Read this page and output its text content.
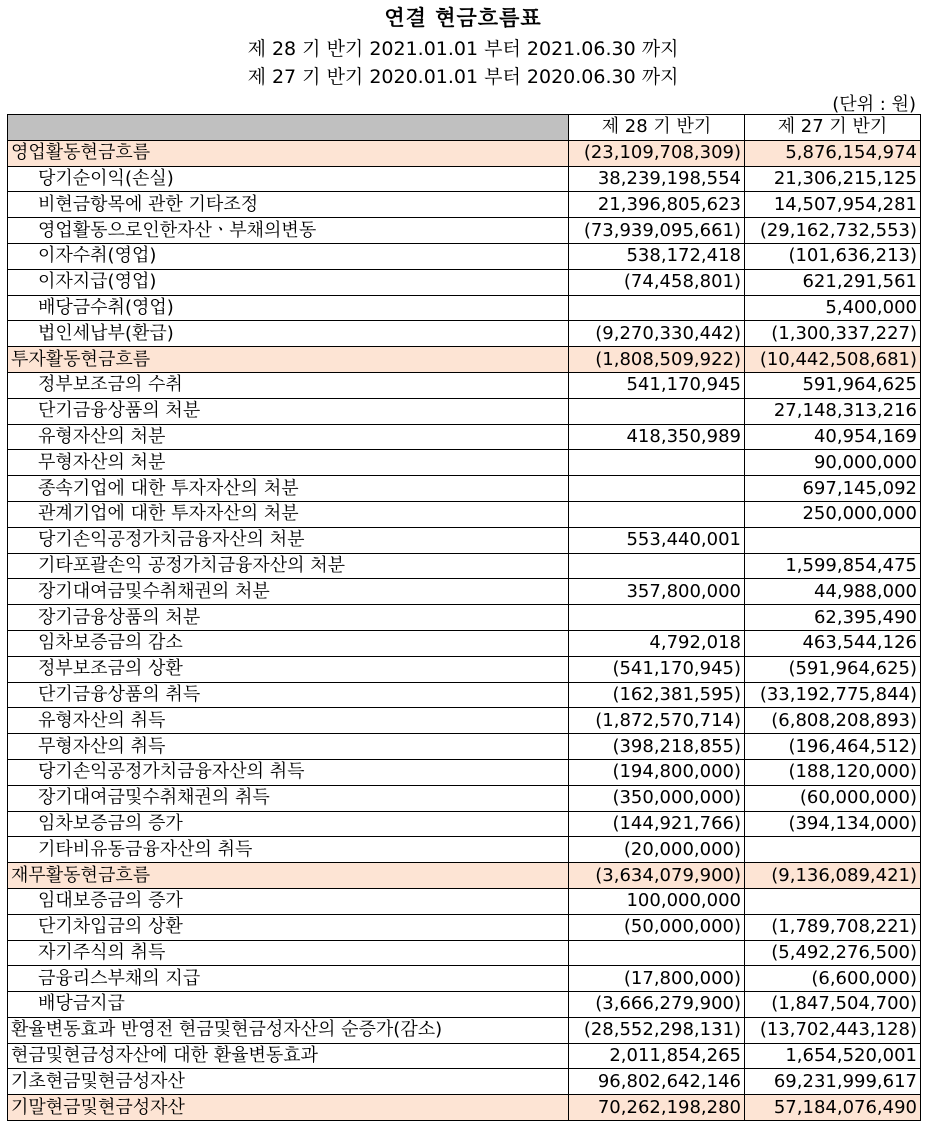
연결 현금흐름표
제 28 기 반기 2021.01.01 부터 2021.06.30 까지
제 27 기 반기 2020.01.01 부터 2020.06.30 까지
(단위 : 원)
	제 28 기 반기	제 27 기 반기
영업활동현금흐름	(23,109,708,309)	5,876,154,974
당기순이익(손실)	38,239,198,554	21,306,215,125
비현금항목에 관한 기타조정	21,396,805,623	14,507,954,281
영업활동으로인한자산ㆍ부채의변동	(73,939,095,661)	(29,162,732,553)
이자수취(영업)	538,172,418	(101,636,213)
이자지급(영업)	(74,458,801)	621,291,561
배당금수취(영업)		5,400,000
법인세납부(환급)	(9,270,330,442)	(1,300,337,227)
투자활동현금흐름	(1,808,509,922)	(10,442,508,681)
정부보조금의 수취	541,170,945	591,964,625
단기금융상품의 처분		27,148,313,216
유형자산의 처분	418,350,989	40,954,169
무형자산의 처분		90,000,000
종속기업에 대한 투자자산의 처분		697,145,092
관계기업에 대한 투자자산의 처분		250,000,000
당기손익공정가치금융자산의 처분	553,440,001	
기타포괄손익 공정가치금융자산의 처분		1,599,854,475
장기대여금및수취채권의 처분	357,800,000	44,988,000
장기금융상품의 처분		62,395,490
임차보증금의 감소	4,792,018	463,544,126
정부보조금의 상환	(541,170,945)	(591,964,625)
단기금융상품의 취득	(162,381,595)	(33,192,775,844)
유형자산의 취득	(1,872,570,714)	(6,808,208,893)
무형자산의 취득	(398,218,855)	(196,464,512)
당기손익공정가치금융자산의 취득	(194,800,000)	(188,120,000)
장기대여금및수취채권의 취득	(350,000,000)	(60,000,000)
임차보증금의 증가	(144,921,766)	(394,134,000)
기타비유동금융자산의 취득	(20,000,000)	
재무활동현금흐름	(3,634,079,900)	(9,136,089,421)
임대보증금의 증가	100,000,000	
단기차입금의 상환	(50,000,000)	(1,789,708,221)
자기주식의 취득		(5,492,276,500)
금융리스부채의 지급	(17,800,000)	(6,600,000)
배당금지급	(3,666,279,900)	(1,847,504,700)
환율변동효과 반영전 현금및현금성자산의 순증가(감소)	(28,552,298,131)	(13,702,443,128)
현금및현금성자산에 대한 환율변동효과	2,011,854,265	1,654,520,001
기초현금및현금성자산	96,802,642,146	69,231,999,617
기말현금및현금성자산	70,262,198,280	57,184,076,490
